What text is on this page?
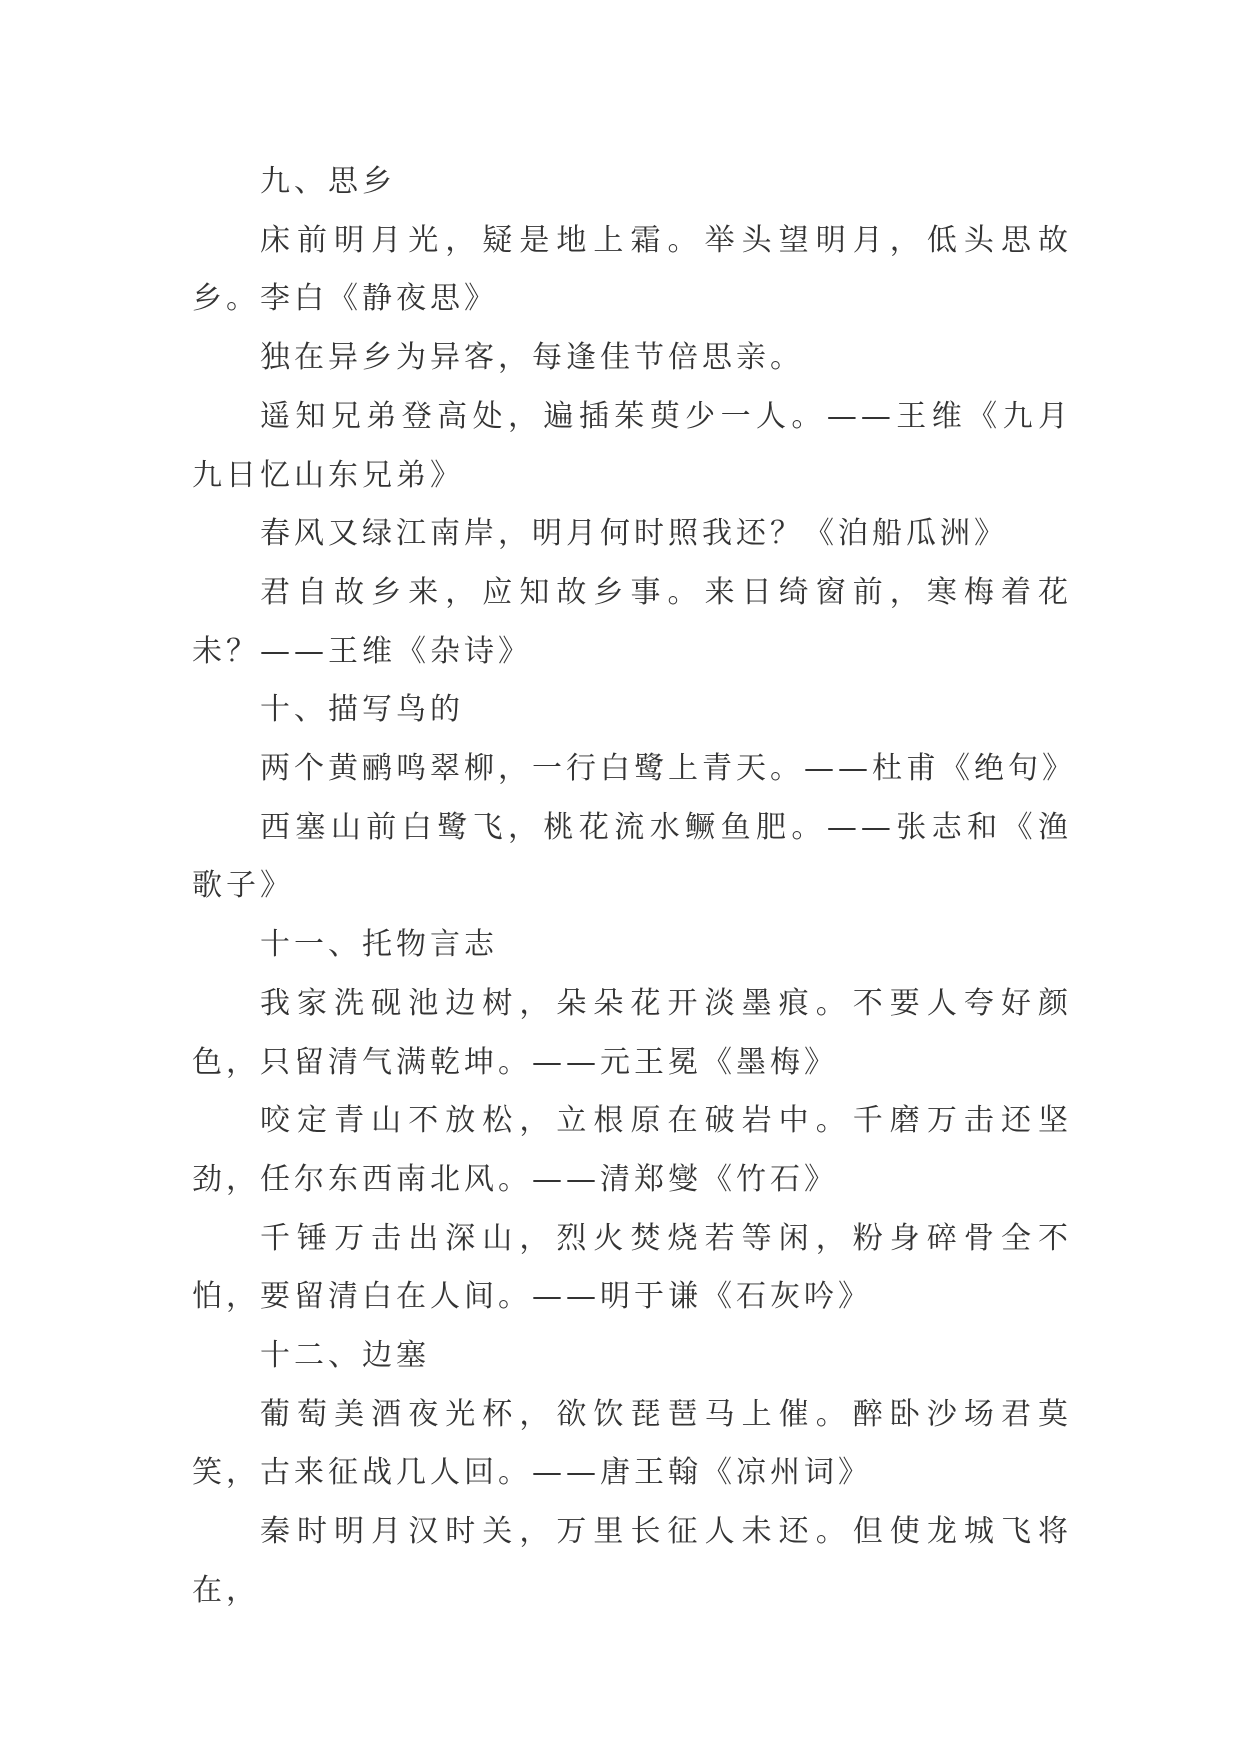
九、思乡

床前明月光，疑是地上霜。举头望明月，低头思故乡。李白《静夜思》

独在异乡为异客，每逢佳节倍思亲。

遥知兄弟登高处，遍插茱萸少一人。——王维《九月九日忆山东兄弟》

春风又绿江南岸，明月何时照我还？《泊船瓜洲》

君自故乡来，应知故乡事。来日绮窗前，寒梅着花未？——王维《杂诗》

十、描写鸟的

两个黄鹂鸣翠柳，一行白鹭上青天。——杜甫《绝句》

西塞山前白鹭飞，桃花流水鳜鱼肥。——张志和《渔歌子》

十一、托物言志

我家洗砚池边树，朵朵花开淡墨痕。不要人夸好颜色，只留清气满乾坤。——元王冕《墨梅》

咬定青山不放松，立根原在破岩中。千磨万击还坚劲，任尔东西南北风。——清郑燮《竹石》

千锤万击出深山，烈火焚烧若等闲，粉身碎骨全不怕，要留清白在人间。——明于谦《石灰吟》

十二、边塞

葡萄美酒夜光杯，欲饮琵琶马上催。醉卧沙场君莫笑，古来征战几人回。——唐王翰《凉州词》

秦时明月汉时关，万里长征人未还。但使龙城飞将在，
